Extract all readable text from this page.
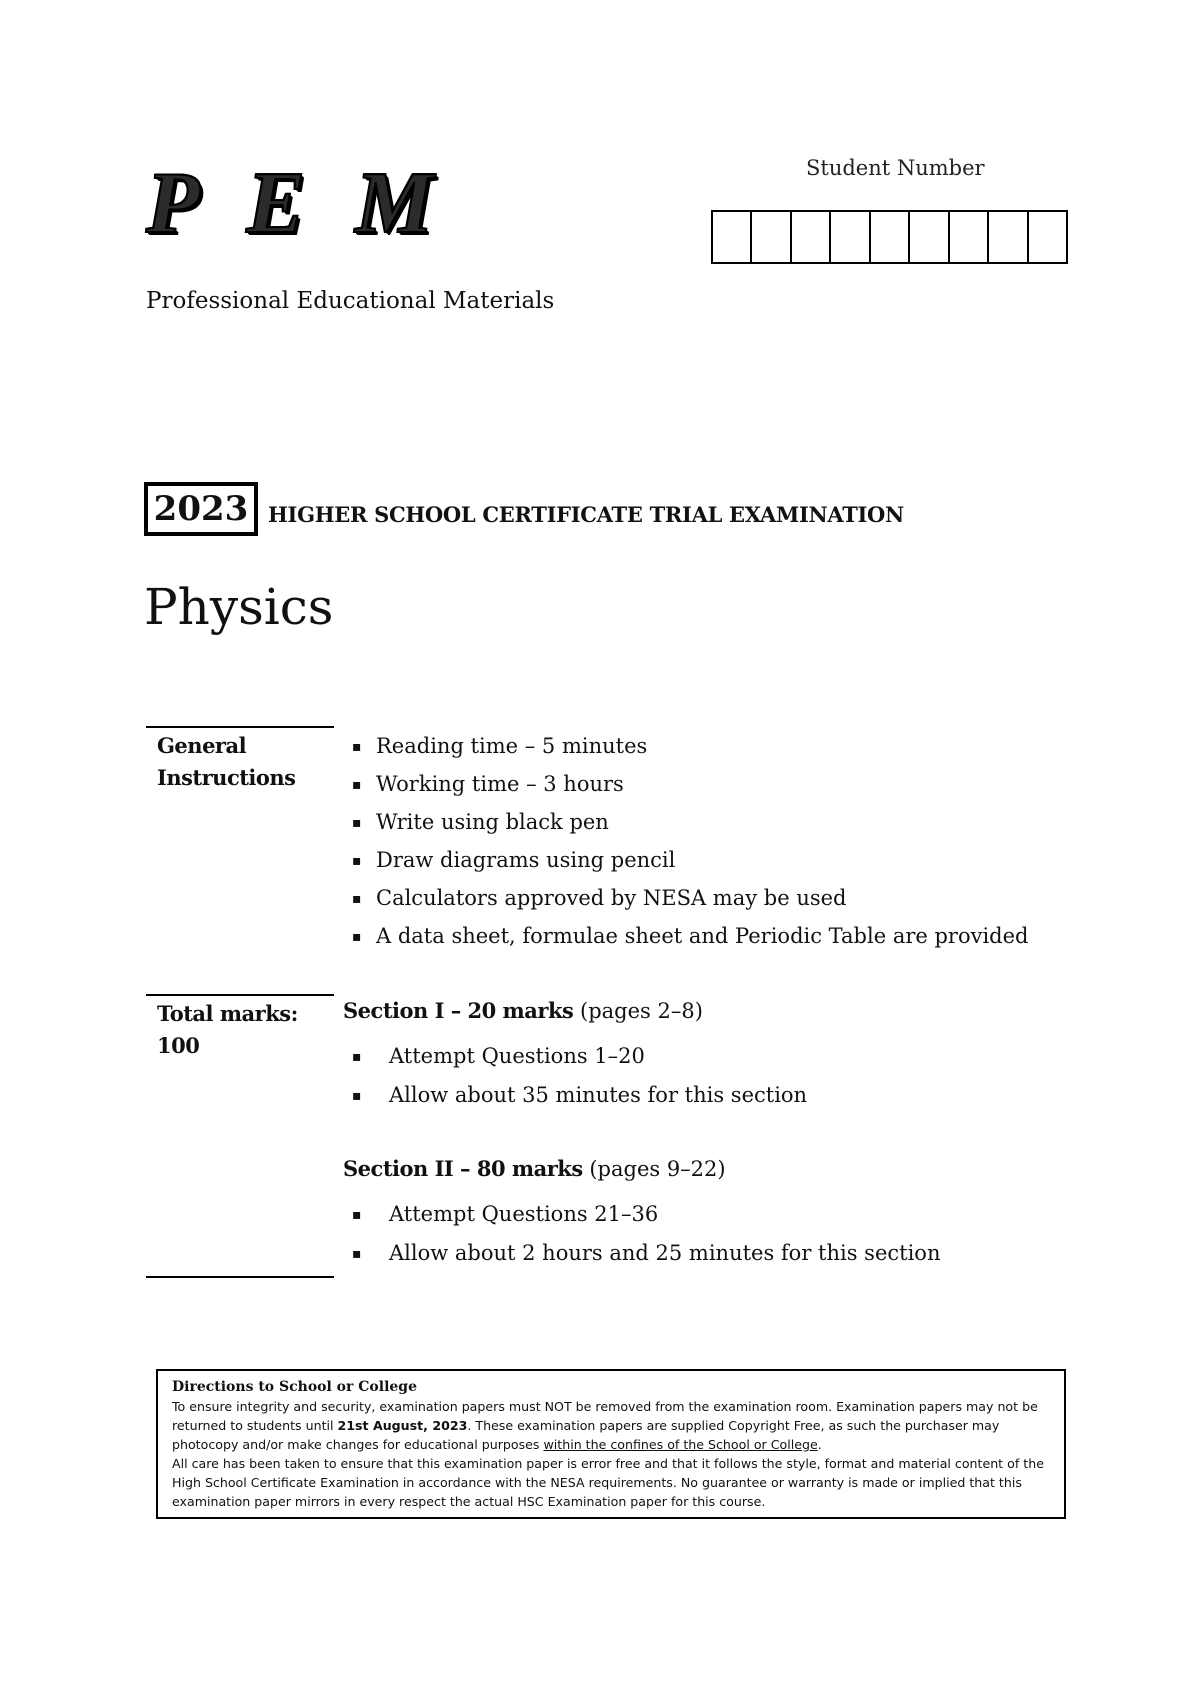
P E M
Professional Educational Materials
Student Number
2023 HIGHER SCHOOL CERTIFICATE TRIAL EXAMINATION
Physics
General
Instructions
▪ Reading time – 5 minutes
▪ Working time – 3 hours
▪ Write using black pen
▪ Draw diagrams using pencil
▪ Calculators approved by NESA may be used
▪ A data sheet, formulae sheet and Periodic Table are provided
Total marks:
100
Section I – 20 marks (pages 2–8)
▪ Attempt Questions 1–20
▪ Allow about 35 minutes for this section
Section II – 80 marks (pages 9–22)
▪ Attempt Questions 21–36
▪ Allow about 2 hours and 25 minutes for this section
Directions to School or College

To ensure integrity and security, examination papers must NOT be removed from the examination room. Examination papers may not be returned to students until 21st August, 2023. These examination papers are supplied Copyright Free, as such the purchaser may photocopy and/or make changes for educational purposes within the confines of the School or College.

All care has been taken to ensure that this examination paper is error free and that it follows the style, format and material content of the High School Certificate Examination in accordance with the NESA requirements. No guarantee or warranty is made or implied that this examination paper mirrors in every respect the actual HSC Examination paper for this course.
